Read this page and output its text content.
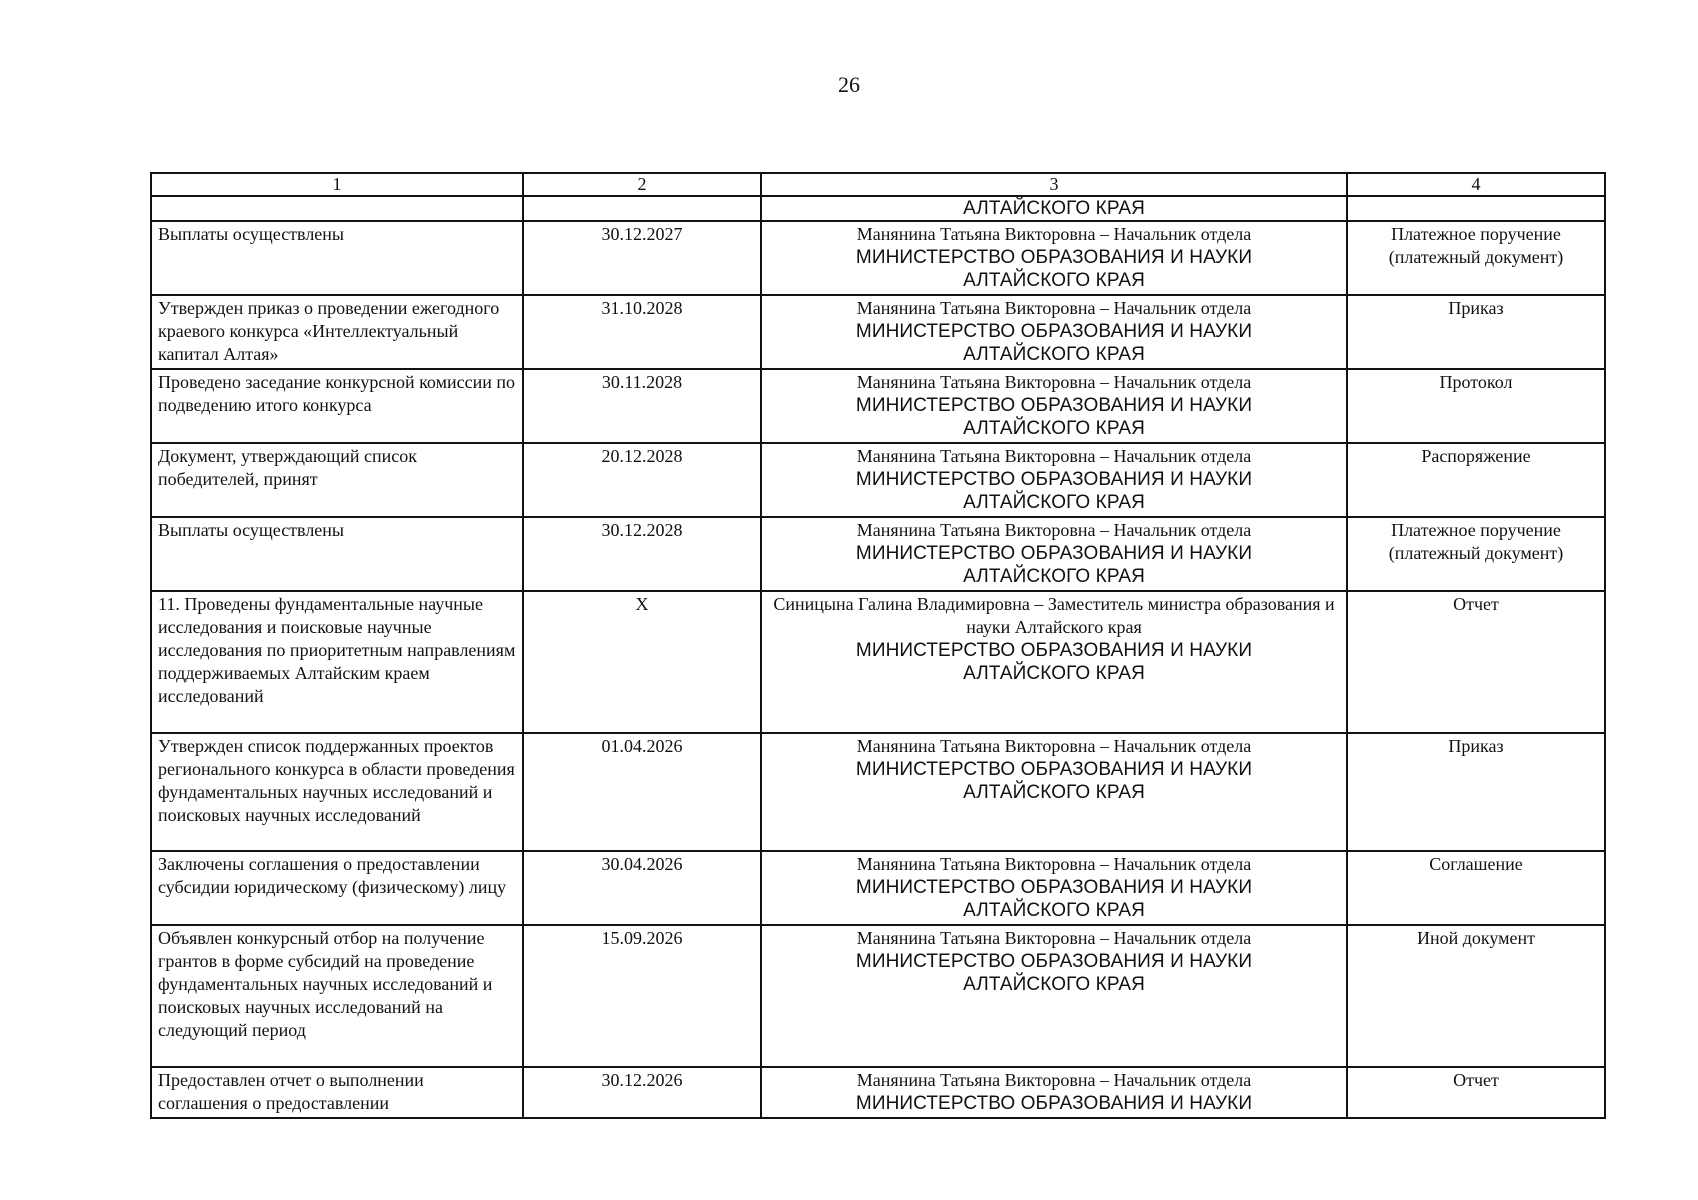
26
1	2	3	4
		АЛТАЙСКОГО КРАЯ	
Выплаты осуществлены	30.12.2027	Манянина Татьяна Викторовна – Начальник отдела
МИНИСТЕРСТВО ОБРАЗОВАНИЯ И НАУКИ
АЛТАЙСКОГО КРАЯ	Платежное поручение (платежный документ)
Утвержден приказ о проведении ежегодного краевого конкурса «Интеллектуальный капитал Алтая»	31.10.2028	Манянина Татьяна Викторовна – Начальник отдела
МИНИСТЕРСТВО ОБРАЗОВАНИЯ И НАУКИ
АЛТАЙСКОГО КРАЯ	Приказ
Проведено заседание конкурсной комиссии по подведению итого конкурса	30.11.2028	Манянина Татьяна Викторовна – Начальник отдела
МИНИСТЕРСТВО ОБРАЗОВАНИЯ И НАУКИ
АЛТАЙСКОГО КРАЯ	Протокол
Документ, утверждающий список победителей, принят	20.12.2028	Манянина Татьяна Викторовна – Начальник отдела
МИНИСТЕРСТВО ОБРАЗОВАНИЯ И НАУКИ
АЛТАЙСКОГО КРАЯ	Распоряжение
Выплаты осуществлены	30.12.2028	Манянина Татьяна Викторовна – Начальник отдела
МИНИСТЕРСТВО ОБРАЗОВАНИЯ И НАУКИ
АЛТАЙСКОГО КРАЯ	Платежное поручение (платежный документ)
11. Проведены фундаментальные научные исследования и поисковые научные исследования по приоритетным направлениям поддерживаемых Алтайским краем исследований	Х	Синицына Галина Владимировна – Заместитель министра образования и науки Алтайского края
МИНИСТЕРСТВО ОБРАЗОВАНИЯ И НАУКИ
АЛТАЙСКОГО КРАЯ	Отчет
Утвержден список поддержанных проектов регионального конкурса в области проведения фундаментальных научных исследований и поисковых научных исследований	01.04.2026	Манянина Татьяна Викторовна – Начальник отдела
МИНИСТЕРСТВО ОБРАЗОВАНИЯ И НАУКИ
АЛТАЙСКОГО КРАЯ	Приказ
Заключены соглашения о предоставлении субсидии юридическому (физическому) лицу	30.04.2026	Манянина Татьяна Викторовна – Начальник отдела
МИНИСТЕРСТВО ОБРАЗОВАНИЯ И НАУКИ
АЛТАЙСКОГО КРАЯ	Соглашение
Объявлен конкурсный отбор на получение грантов в форме субсидий на проведение фундаментальных научных исследований и поисковых научных исследований на следующий период	15.09.2026	Манянина Татьяна Викторовна – Начальник отдела
МИНИСТЕРСТВО ОБРАЗОВАНИЯ И НАУКИ
АЛТАЙСКОГО КРАЯ	Иной документ
Предоставлен отчет о выполнении соглашения о предоставлении	30.12.2026	Манянина Татьяна Викторовна – Начальник отдела
МИНИСТЕРСТВО ОБРАЗОВАНИЯ И НАУКИ	Отчет
